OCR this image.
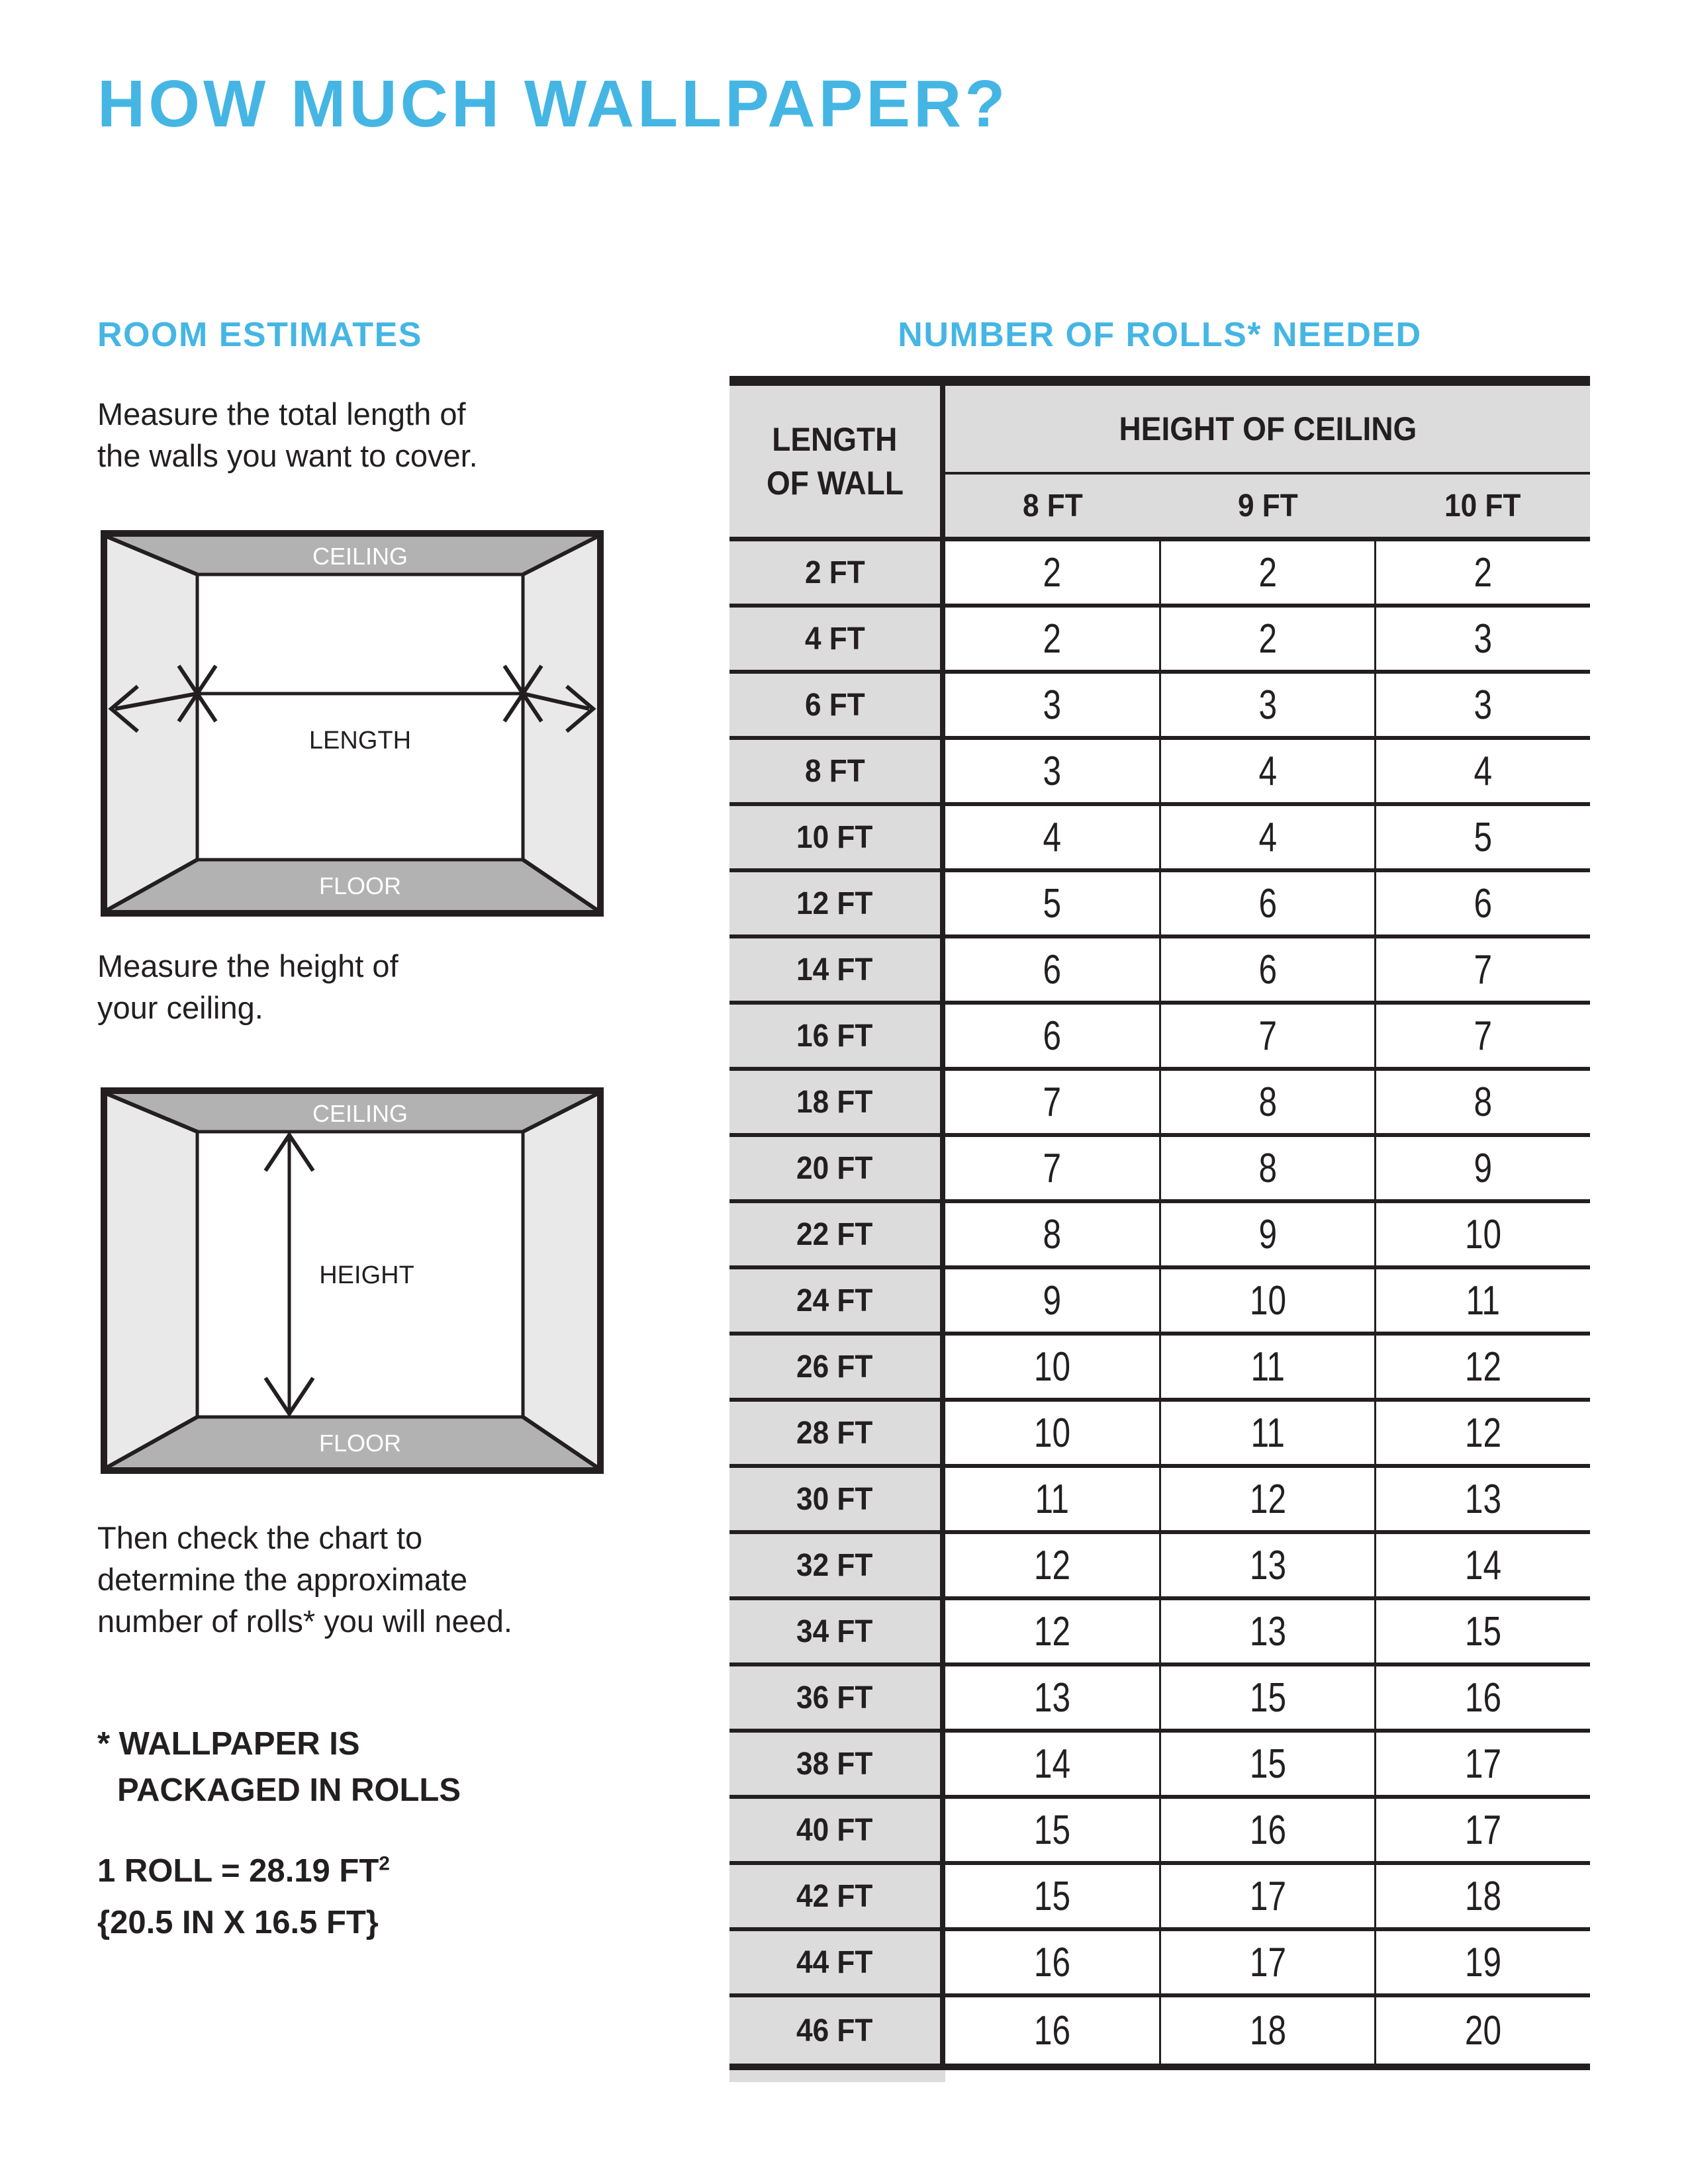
HOW MUCH WALLPAPER?
ROOM ESTIMATES	NUMBER OF ROLLS* NEEDED
Measure the total length of
the walls you want to cover.
CEILING
FLOOR
LENGTH
Measure the height of
your ceiling.
CEILING
FLOOR
HEIGHT
Then check the chart to
determine the approximate
number of rolls* you will need.
* WALLPAPER IS
PACKAGED IN ROLLS
1 ROLL = 28.19 $FT^2$
{20.5 IN X 16.5 FT}
LENGTH
OF WALL
HEIGHT OF CEILING
8 FT	9 FT	10 FT
2 FT	2	2	2
4 FT	2	2	3
6 FT	3	3	3
8 FT	3	4	4
10 FT	4	4	5
12 FT	5	6	6
14 FT	6	6	7
16 FT	6	7	7
18 FT	7	8	8
20 FT	7	8	9
22 FT	8	9	10
24 FT	9	10	11
26 FT	10	11	12
28 FT	10	11	12
30 FT	11	12	13
32 FT	12	13	14
34 FT	12	13	15
36 FT	13	15	16
38 FT	14	15	17
40 FT	15	16	17
42 FT	15	17	18
44 FT	16	17	19
46 FT	16	18	20
